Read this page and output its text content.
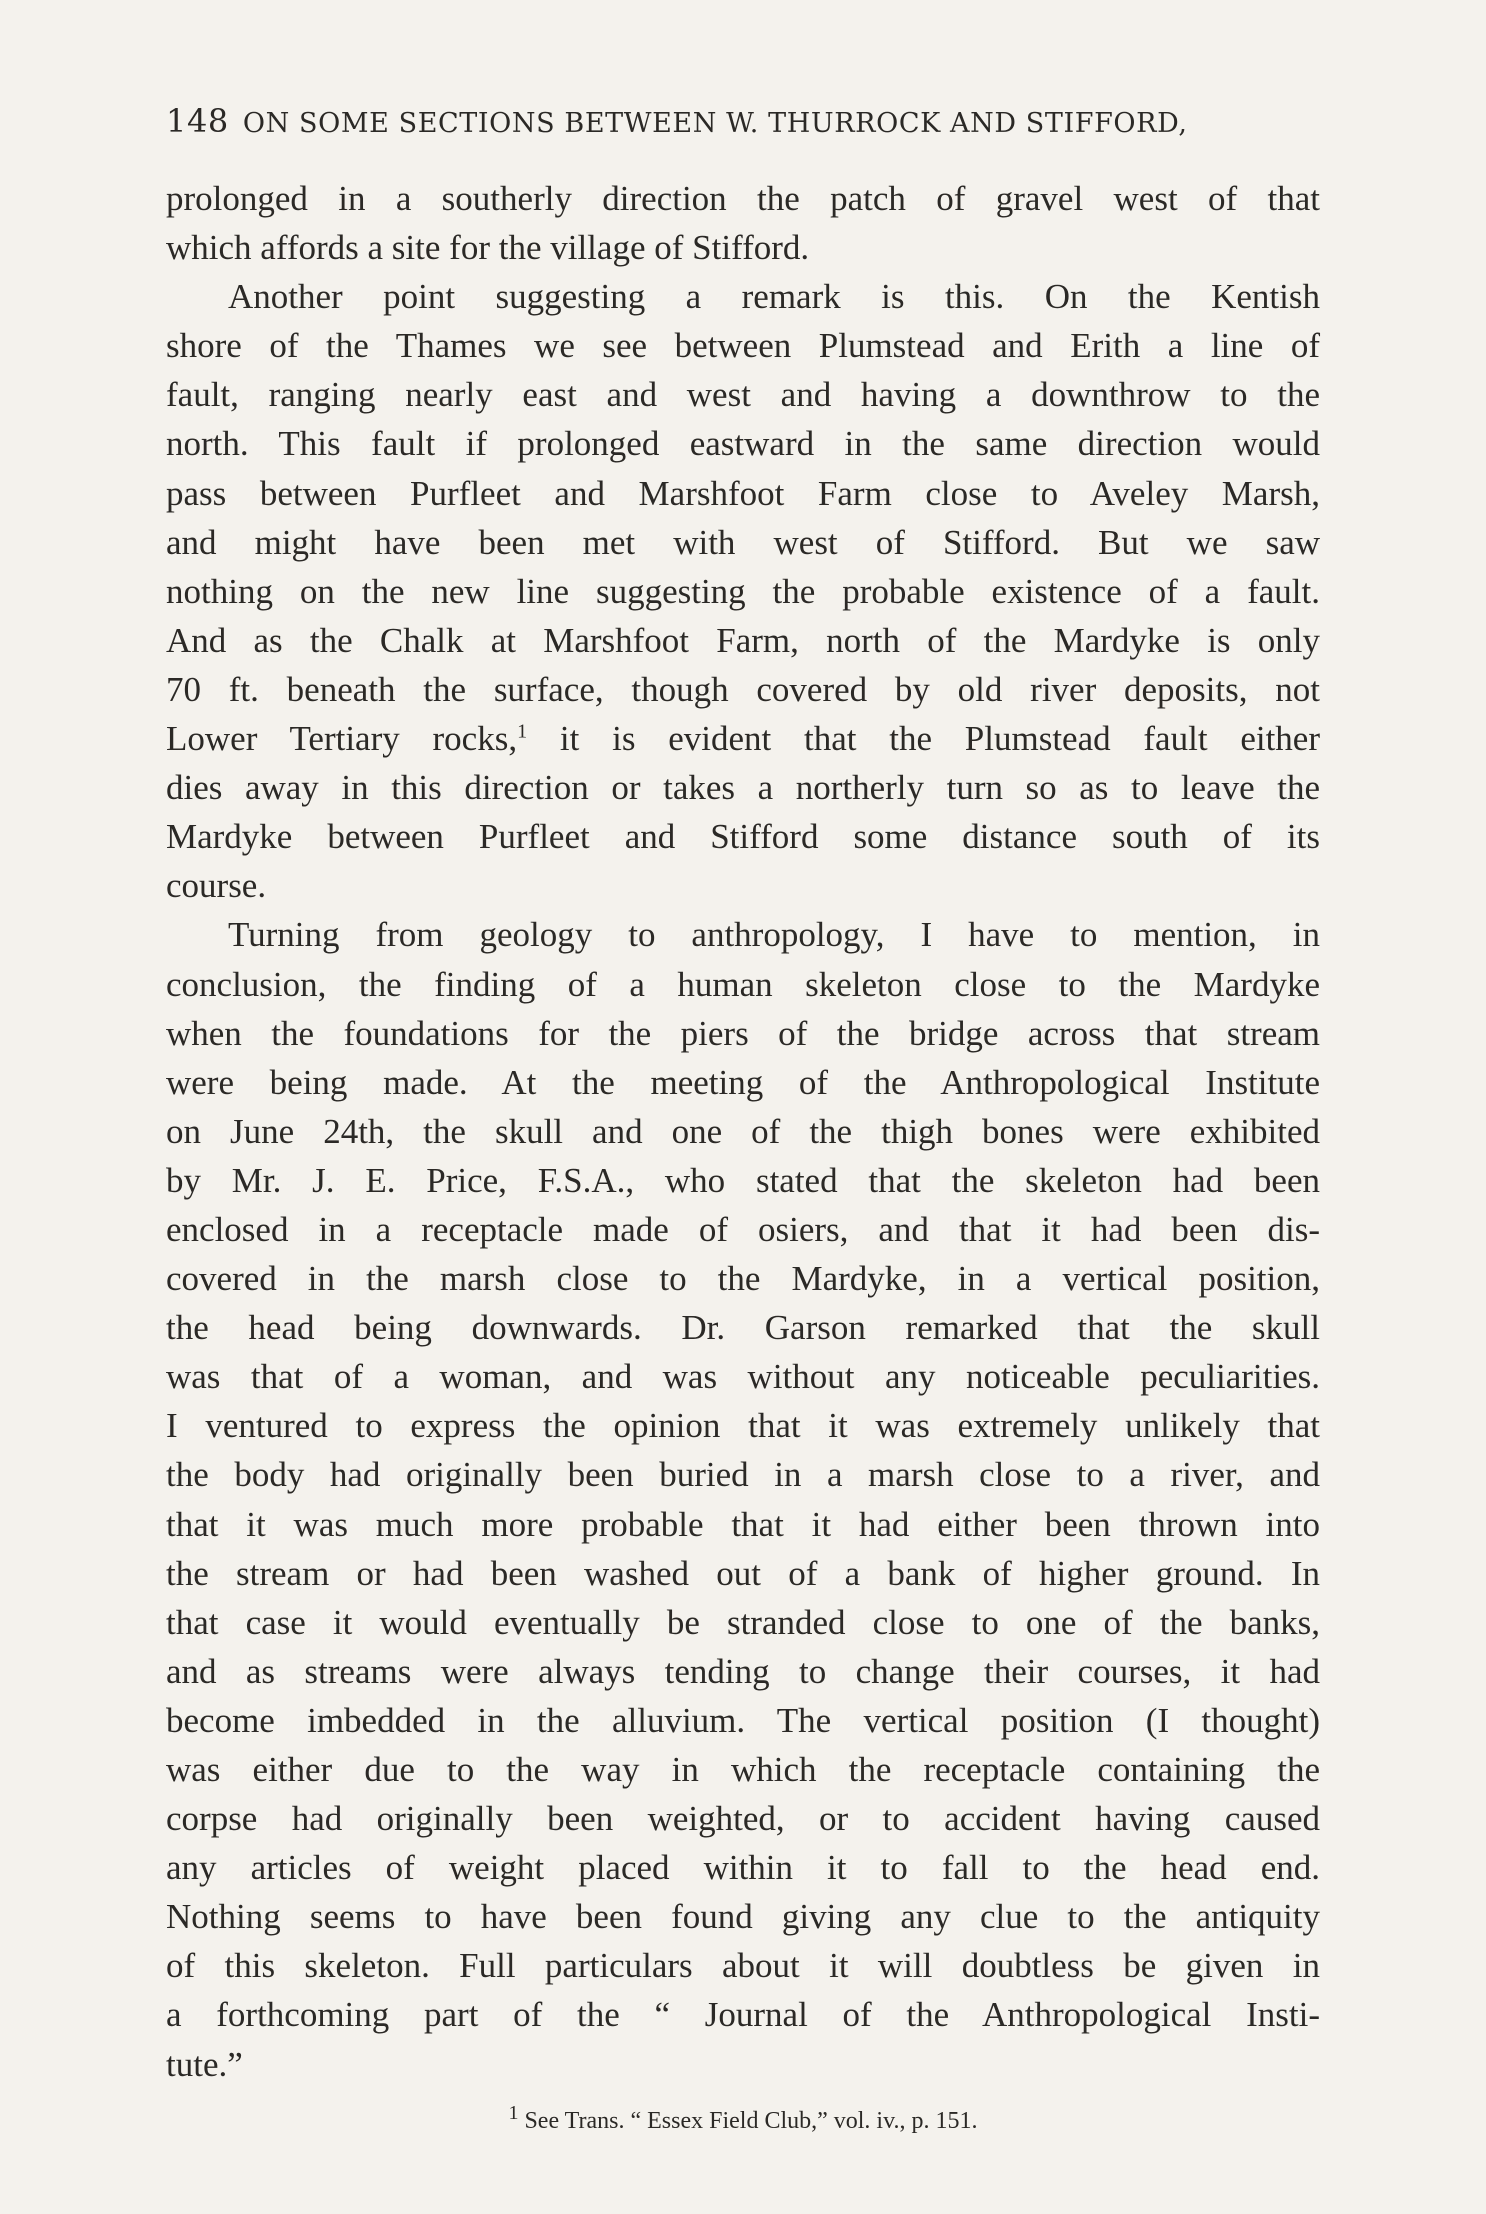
148 ON SOME SECTIONS BETWEEN W. THURROCK AND STIFFORD,
prolonged in a southerly direction the patch of gravel west of that
which affords a site for the village of Stifford.
Another point suggesting a remark is this. On the Kentish
shore of the Thames we see between Plumstead and Erith a line of
fault, ranging nearly east and west and having a downthrow to the
north. This fault if prolonged eastward in the same direction would
pass between Purfleet and Marshfoot Farm close to Aveley Marsh,
and might have been met with west of Stifford. But we saw
nothing on the new line suggesting the probable existence of a fault.
And as the Chalk at Marshfoot Farm, north of the Mardyke is only
70 ft. beneath the surface, though covered by old river deposits, not
Lower Tertiary rocks,$^1$ it is evident that the Plumstead fault either
dies away in this direction or takes a northerly turn so as to leave the
Mardyke between Purfleet and Stifford some distance south of its
course.
Turning from geology to anthropology, I have to mention, in
conclusion, the finding of a human skeleton close to the Mardyke
when the foundations for the piers of the bridge across that stream
were being made. At the meeting of the Anthropological Institute
on June 24th, the skull and one of the thigh bones were exhibited
by Mr. J. E. Price, F.S.A., who stated that the skeleton had been
enclosed in a receptacle made of osiers, and that it had been dis-
covered in the marsh close to the Mardyke, in a vertical position,
the head being downwards. Dr. Garson remarked that the skull
was that of a woman, and was without any noticeable peculiarities.
I ventured to express the opinion that it was extremely unlikely that
the body had originally been buried in a marsh close to a river, and
that it was much more probable that it had either been thrown into
the stream or had been washed out of a bank of higher ground. In
that case it would eventually be stranded close to one of the banks,
and as streams were always tending to change their courses, it had
become imbedded in the alluvium. The vertical position (I thought)
was either due to the way in which the receptacle containing the
corpse had originally been weighted, or to accident having caused
any articles of weight placed within it to fall to the head end.
Nothing seems to have been found giving any clue to the antiquity
of this skeleton. Full particulars about it will doubtless be given in
a forthcoming part of the “ Journal of the Anthropological Insti-
tute.”
$^1$ See Trans. “ Essex Field Club,” vol. iv., p. 151.
